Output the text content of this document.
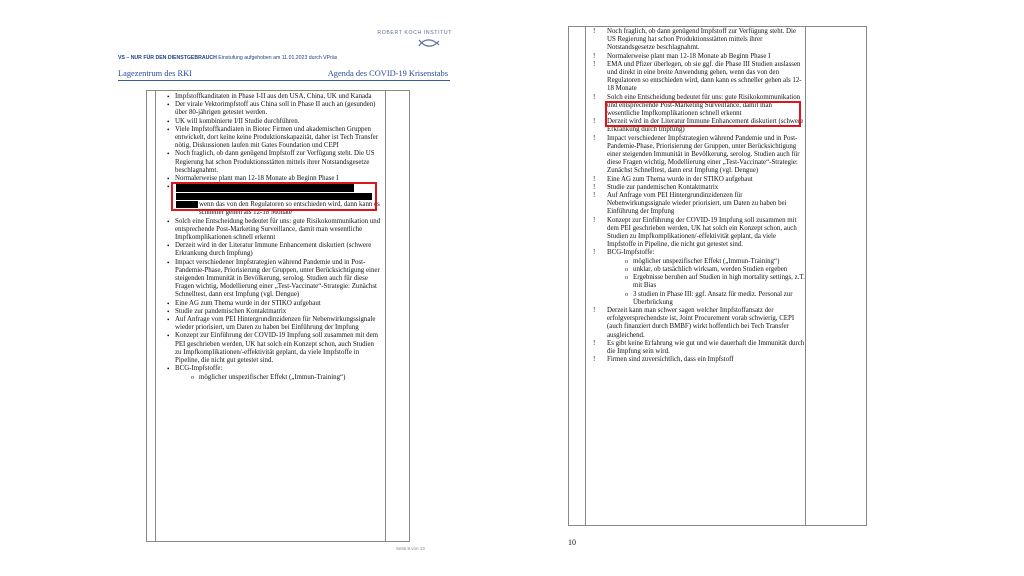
ROBERT KOCH INSTITUT
VS – NUR FÜR DEN DIENSTGEBRAUCH Einstufung aufgehoben am 11.01.2023 durch VPräs
Lagezentrum des RKI	Agenda des COVID-19 Krisenstabs
• Impfstoffkanditaten in Phase I-II aus den USA, China, UK und Kanada
• Der virale Vektorimpfstoff aus China soll in Phase II auch an (gesunden) über 80-jährigen getestet werden.
• UK will kombinierte I/II Studie durchführen.
• Viele Impfstoffkandiaten in Biotec Firmen und akademischen Gruppen entwickelt, dort keine keine Produktionskapazität, daher ist Tech Transfer nötig, Diskussionen laufen mit Gates Foundation und CEPI
• Noch fraglich, ob dann genügend Impfstoff zur Verfügung steht. Die US Regierung hat schon Produktionsstätten mittels ihrer Notstandsgesetze beschlagnahmt.
• Normalerweise plant man 12-18 Monate ab Beginn Phase I
• wenn das von den Regulatoren so entschieden wird, dann kann es schneller gehen als 12-18 Monate
• Solch eine Entscheidung bedeutet für uns: gute Risikokommunikation und entsprechende Post-Marketing Surveillance, damit man wesentliche Impfkomplikationen schnell erkennt
• Derzeit wird in der Literatur Immune Enhancement diskutiert (schwere Erkrankung durch Impfung)
• Impact verschiedener Impfstrategien während Pandemie und in Post-Pandemie-Phase, Priorisierung der Gruppen, unter Berücksichtigung einer steigenden Immunität in Bevölkerung, serolog. Studien auch für diese Fragen wichtig, Modellierung einer „Test-Vaccinate“-Strategie: Zunächst Schnelltest, dann erst Impfung (vgl. Dengue)
• Eine AG zum Thema wurde in der STIKO aufgebaut
• Studie zur pandemischen Kontaktmatrix
• Auf Anfrage vom PEI Hintergrundinzidenzen für Nebenwirkungssignale wieder priorisiert, um Daten zu haben bei Einführung der Impfung
• Konzept zur Einführung der COVID-19 Impfung soll zusammen mit dem PEI geschrieben werden, UK hat solch ein Konzept schon, auch Studien zu Impfkomplikationen/-effektivität geplant, da viele Impfstoffe in Pipeline, die nicht gut getestet sind.
• BCG-Impfstoffe:
o möglicher unspezifischer Effekt („Immun-Training“)
Seite 8 von 13
! Noch fraglich, ob dann genügend Impfstoff zur Verfügung steht. Die US Regierung hat schon Produktionsstätten mittels ihrer Notstandsgesetze beschlagnahmt.
! Normalerweise plant man 12-18 Monate ab Beginn Phase I
! EMA und Pfizer überlegen, ob sie ggf. die Phase III Studien auslassen und direkt in eine breite Anwendung gehen, wenn das von den Regulatoren so entschieden wird, dann kann es schneller gehen als 12-18 Monate
! Solch eine Entscheidung bedeutet für uns: gute Risikokommunikation und entsprechende Post-Marketing Surveillance, damit man wesentliche Impfkomplikationen schnell erkennt
! Derzeit wird in der Literatur Immune Enhancement diskutiert (schwere Erkrankung durch Impfung)
! Impact verschiedener Impfstrategien während Pandemie und in Post-Pandemie-Phase, Priorisierung der Gruppen, unter Berücksichtigung einer steigenden Immunität in Bevölkerung, serolog. Studien auch für diese Fragen wichtig, Modellierung einer „Test-Vaccinate“-Strategie: Zunächst Schnelltest, dann erst Impfung (vgl. Dengue)
! Eine AG zum Thema wurde in der STIKO aufgebaut
! Studie zur pandemischen Kontaktmatrix
! Auf Anfrage vom PEI Hintergrundinzidenzen für Nebenwirkungssignale wieder priorisiert, um Daten zu haben bei Einführung der Impfung
! Konzept zur Einführung der COVID-19 Impfung soll zusammen mit dem PEI geschrieben werden, UK hat solch ein Konzept schon, auch Studien zu Impfkomplikationen/-effektivität geplant, da viele Impfstoffe in Pipeline, die nicht gut getestet sind.
! BCG-Impfstoffe:
o möglicher unspezifischer Effekt („Immun-Training“)
o unklar, ob tatsächlich wirksam, werden Studien ergeben
o Ergebnisse beruhen auf Studien in high mortality settings, z.T. mit Bias
o 3 studien in Phase III: ggf. Ansatz für mediz. Personal zur Überbrückung
! Derzeit kann man schwer sagen welcher Impfstoffansatz der erfolgversprechendste ist, Joint Procurement vorab schwierig, CEPI (auch finanziert durch BMBF) wirkt hoffentlich bei Tech Transfer ausgleichend.
! Es gibt keine Erfahrung wie gut und wie dauerhaft die Immunität durch die Impfung sein wird.
! Firmen sind zuversichtlich, dass ein Impfstoff
10
